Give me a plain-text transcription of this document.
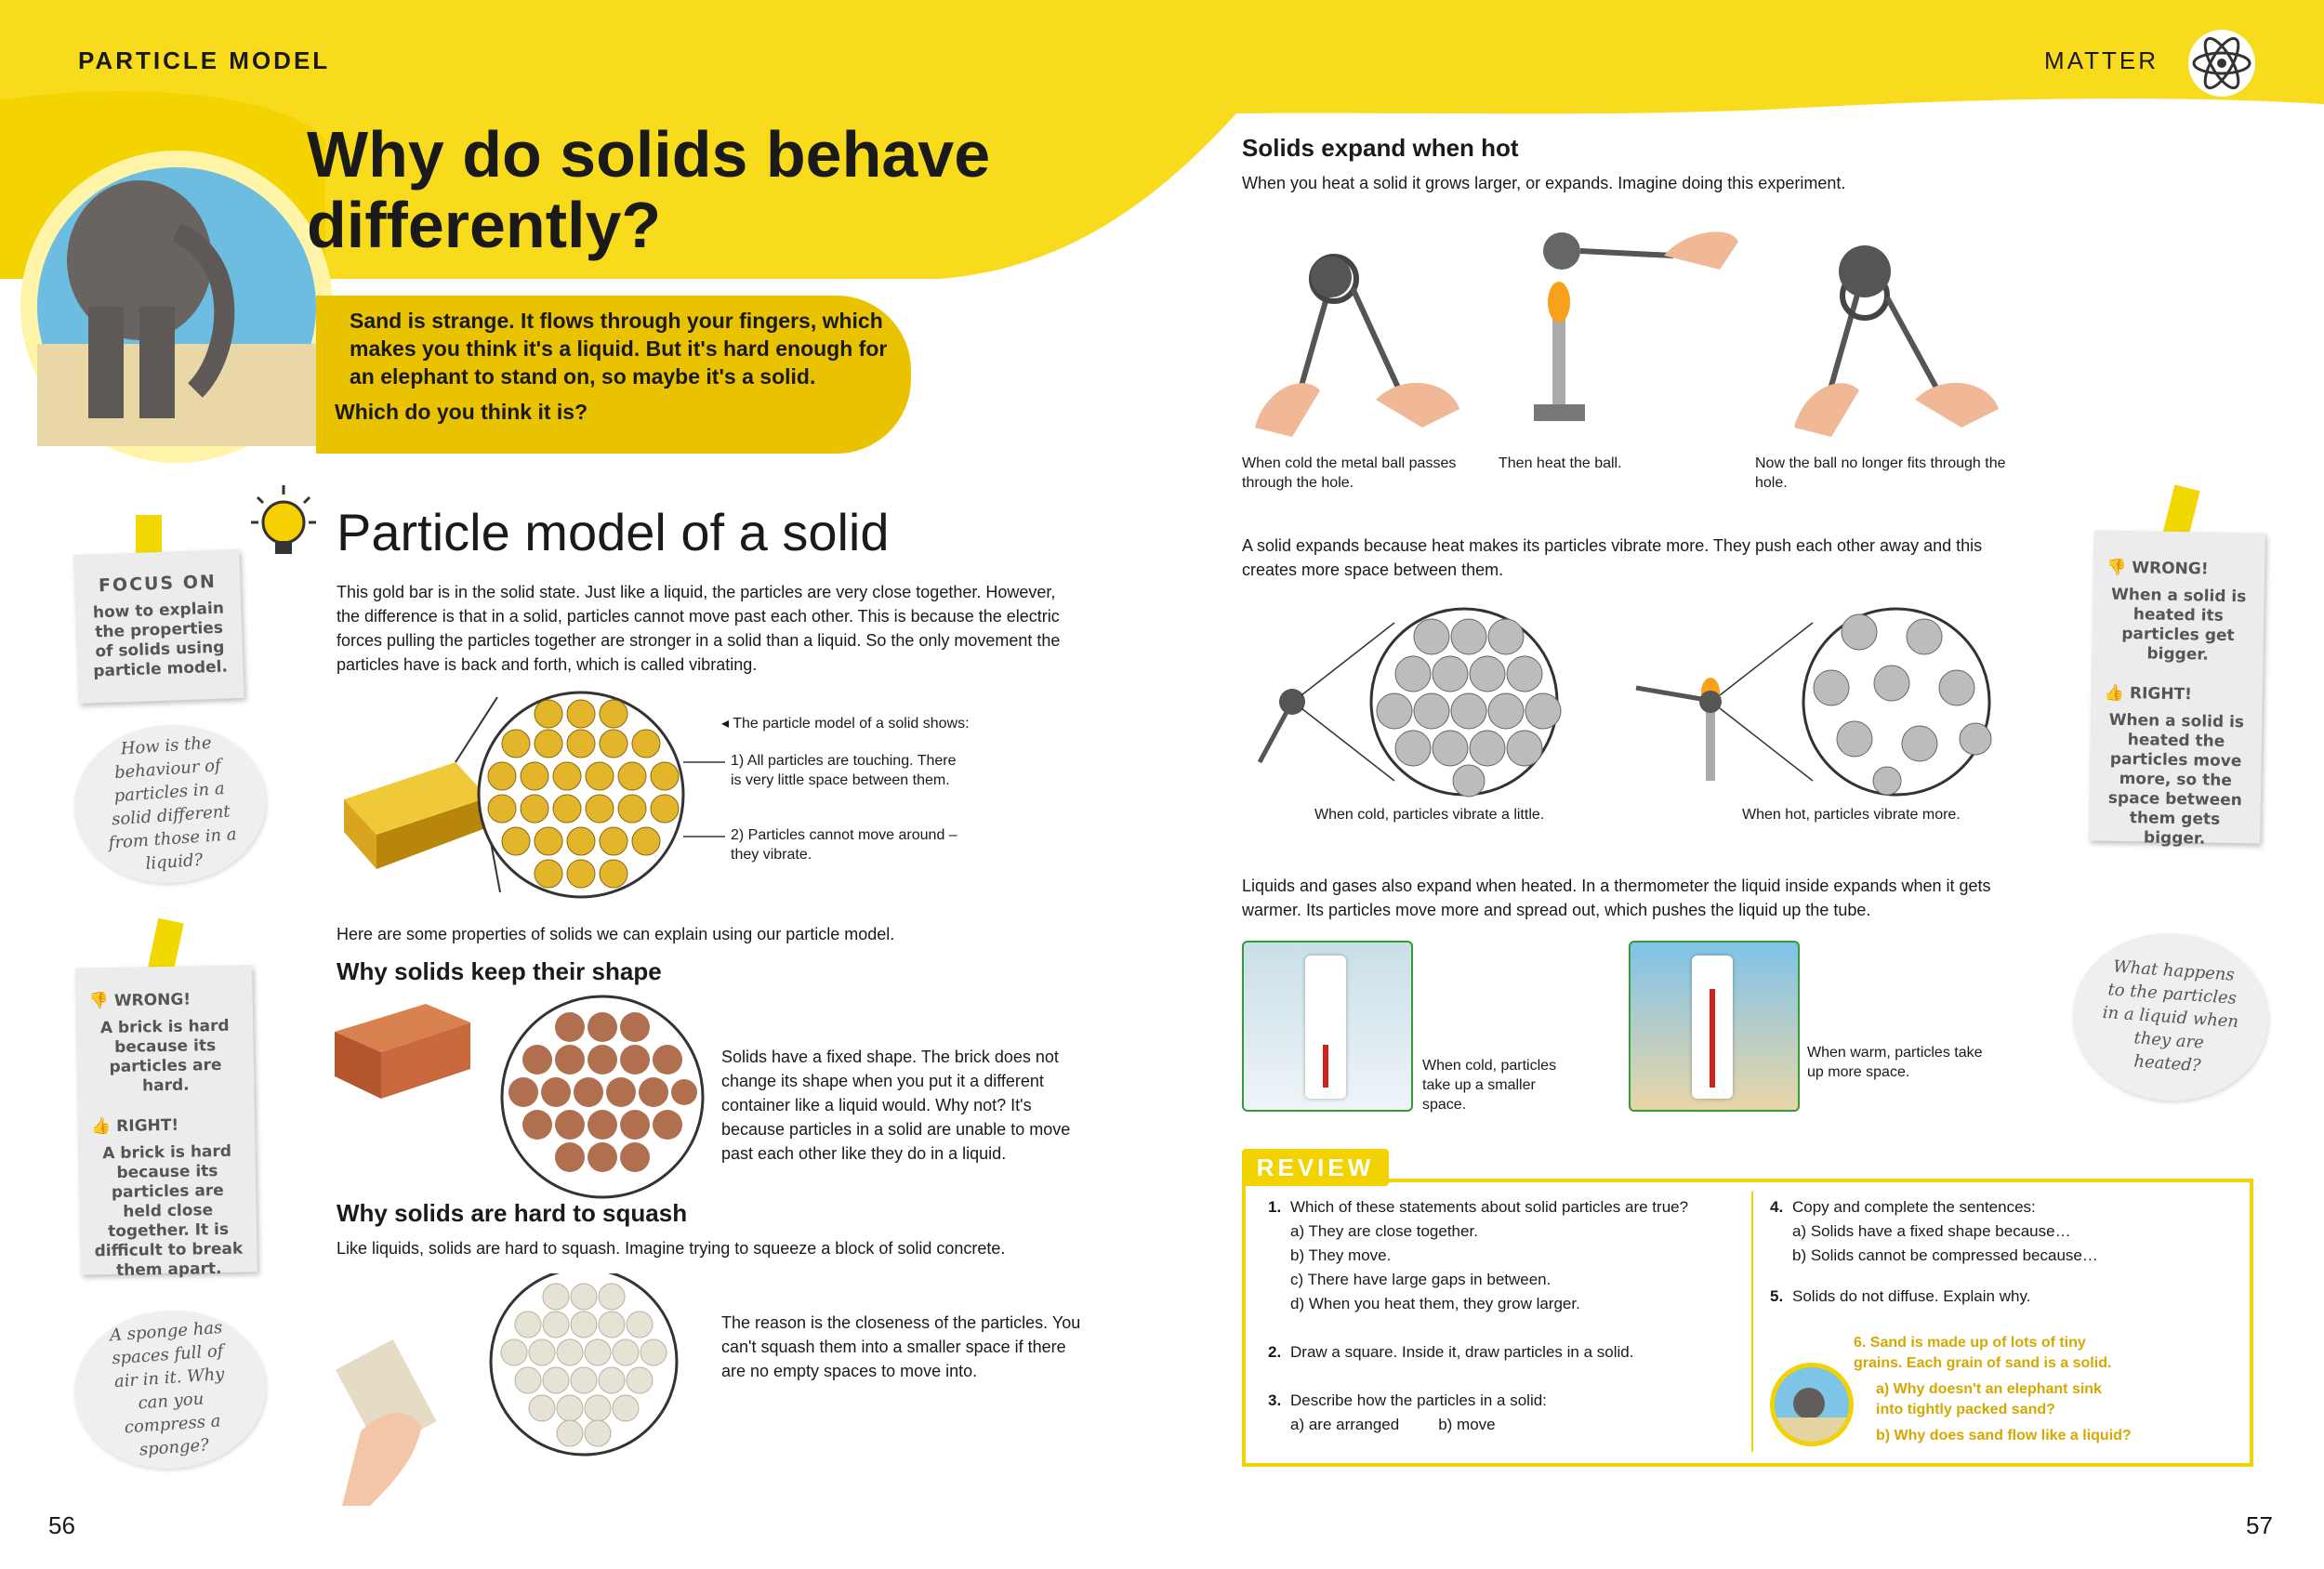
PARTICLE MODEL	MATTER
Why do solids behave differently?
Sand is strange. It flows through your fingers, which makes you think it's a liquid. But it's hard enough for an elephant to stand on, so maybe it's a solid.
Which do you think it is?
Particle model of a solid
This gold bar is in the solid state. Just like a liquid, the particles are very close together. However, the difference is that in a solid, particles cannot move past each other. This is because the electric forces pulling the particles together are stronger in a solid than a liquid. So the only movement the particles have is back and forth, which is called vibrating.
◂ The particle model of a solid shows:
1) All particles are touching. There is very little space between them.
2) Particles cannot move around – they vibrate.
Here are some properties of solids we can explain using our particle model.
Why solids keep their shape
Solids have a fixed shape. The brick does not change its shape when you put it a different container like a liquid would. Why not? It's because particles in a solid are unable to move past each other like they do in a liquid.
Why solids are hard to squash
Like liquids, solids are hard to squash. Imagine trying to squeeze a block of solid concrete.
The reason is the closeness of the particles. You can't squash them into a smaller space if there are no empty spaces to move into.
FOCUS ON
how to explain the properties of solids using particle model.
How is the behaviour of particles in a solid different from those in a liquid?
👎 WRONG!
A brick is hard because its particles are hard.
👍 RIGHT!
A brick is hard because its particles are held close together. It is difficult to break them apart.
A sponge has spaces full of air in it. Why can you compress a sponge?
Solids expand when hot
When you heat a solid it grows larger, or expands. Imagine doing this experiment.
When cold the metal ball passes through the hole.
Then heat the ball.	Now the ball no longer fits through the hole.
A solid expands because heat makes its particles vibrate more. They push each other away and this creates more space between them.
When cold, particles vibrate a little.	When hot, particles vibrate more.
Liquids and gases also expand when heated. In a thermometer the liquid inside expands when it gets warmer. Its particles move more and spread out, which pushes the liquid up the tube.
When cold, particles take up a smaller space.
When warm, particles take up more space.
👎 WRONG!
When a solid is heated its particles get bigger.
👍 RIGHT!
When a solid is heated the particles move more, so the space between them gets bigger.
What happens to the particles in a liquid when they are heated?
REVIEW
1. Which of these statements about solid particles are true?
a) They are close together.
b) They move.
c) There have large gaps in between.
d) When you heat them, they grow larger.
2. Draw a square. Inside it, draw particles in a solid.
3. Describe how the particles in a solid:
a) are arranged b) move
4. Copy and complete the sentences:
a) Solids have a fixed shape because…
b) Solids cannot be compressed because…
5. Solids do not diffuse. Explain why.
6. Sand is made up of lots of tiny grains. Each grain of sand is a solid.
a) Why doesn't an elephant sink into tightly packed sand?
b) Why does sand flow like a liquid?
56	57
